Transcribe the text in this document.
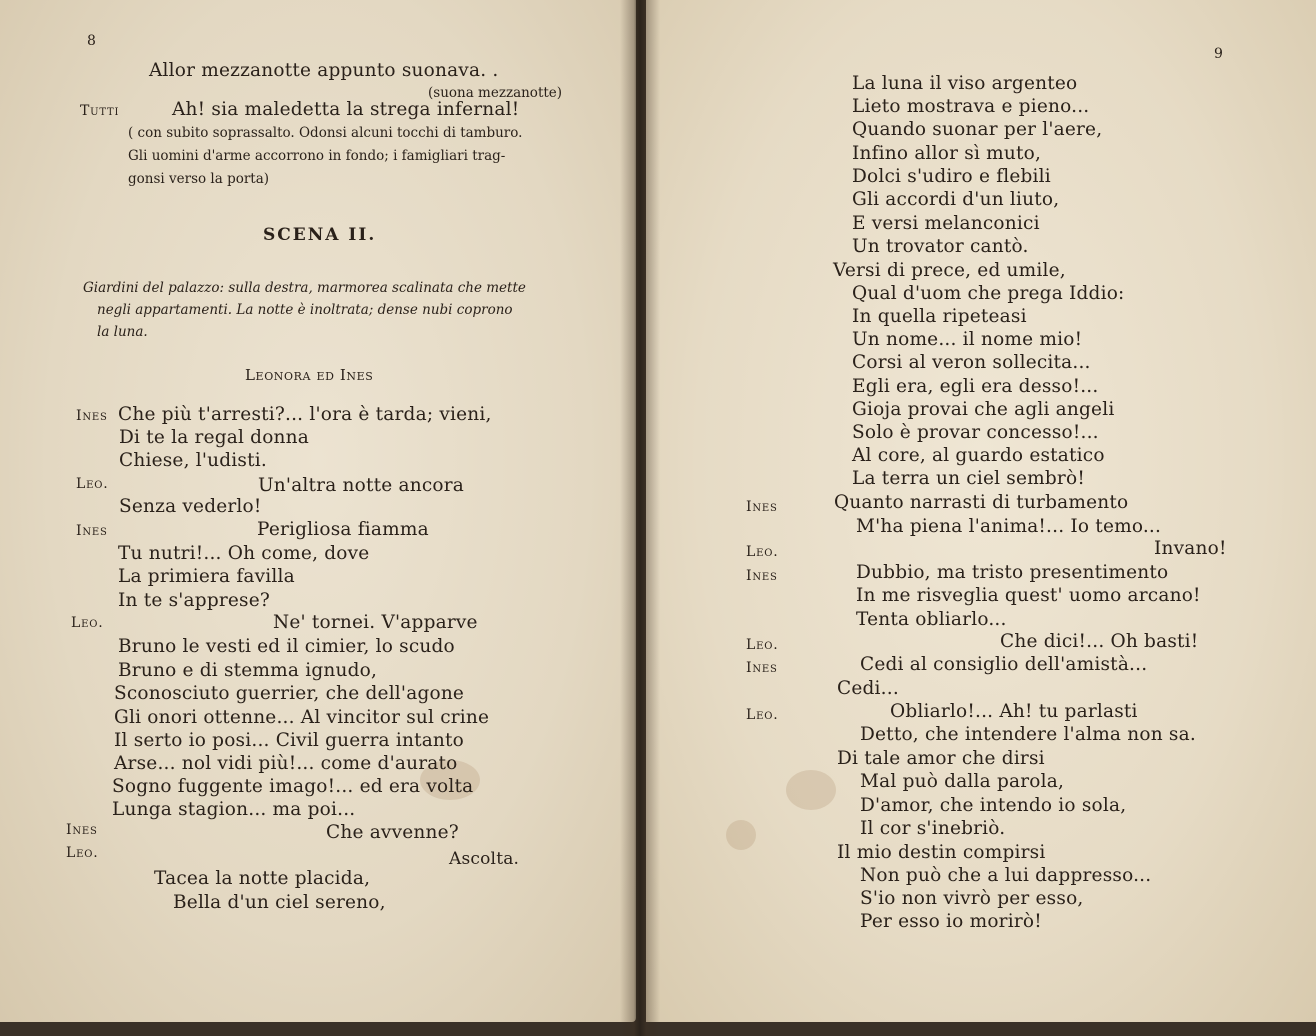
8
Allor mezzanotte appunto suonava. .
(suona mezzanotte)
Tutti	Ah! sia maledetta la strega infernal!
( con subito soprassalto. Odonsi alcuni tocchi di tamburo.
Gli uomini d'arme accorrono in fondo; i famigliari trag-
gonsi verso la porta)
SCENA II.
Giardini del palazzo: sulla destra, marmorea scalinata che mette
negli appartamenti. La notte è inoltrata; dense nubi coprono
la luna.
Leonora ed Ines
Ines Che più t'arresti?... l'ora è tarda; vieni,
Di te la regal donna
Chiese, l'udisti.
Leo.	Un'altra notte ancora
Senza vederlo!
Ines	Perigliosa fiamma
Tu nutri!... Oh come, dove
La primiera favilla
In te s'apprese?
Leo.	Ne' tornei. V'apparve
Bruno le vesti ed il cimier, lo scudo
Bruno e di stemma ignudo,
Sconosciuto guerrier, che dell'agone
Gli onori ottenne... Al vincitor sul crine
Il serto io posi... Civil guerra intanto
Arse... nol vidi più!... come d'aurato
Sogno fuggente imago!... ed era volta
Lunga stagion... ma poi...
Ines	Che avvenne?
Leo.	Ascolta.
Tacea la notte placida,
Bella d'un ciel sereno,
9
La luna il viso argenteo
Lieto mostrava e pieno...
Quando suonar per l'aere,
Infino allor sì muto,
Dolci s'udiro e flebili
Gli accordi d'un liuto,
E versi melanconici
Un trovator cantò.
Versi di prece, ed umile,
Qual d'uom che prega Iddio:
In quella ripeteasi
Un nome... il nome mio!
Corsi al veron sollecita...
Egli era, egli era desso!...
Gioja provai che agli angeli
Solo è provar concesso!...
Al core, al guardo estatico
La terra un ciel sembrò!
Ines	Quanto narrasti di turbamento
M'ha piena l'anima!... Io temo...
Leo.	Invano!
Ines	Dubbio, ma tristo presentimento
In me risveglia quest' uomo arcano!
Tenta obliarlo...
Leo.	Che dici!... Oh basti!
Ines	Cedi al consiglio dell'amistà...
Cedi...
Leo.	Obliarlo!... Ah! tu parlasti
Detto, che intendere l'alma non sa.
Di tale amor che dirsi
Mal può dalla parola,
D'amor, che intendo io sola,
Il cor s'inebriò.
Il mio destin compirsi
Non può che a lui dappresso...
S'io non vivrò per esso,
Per esso io morirò!
